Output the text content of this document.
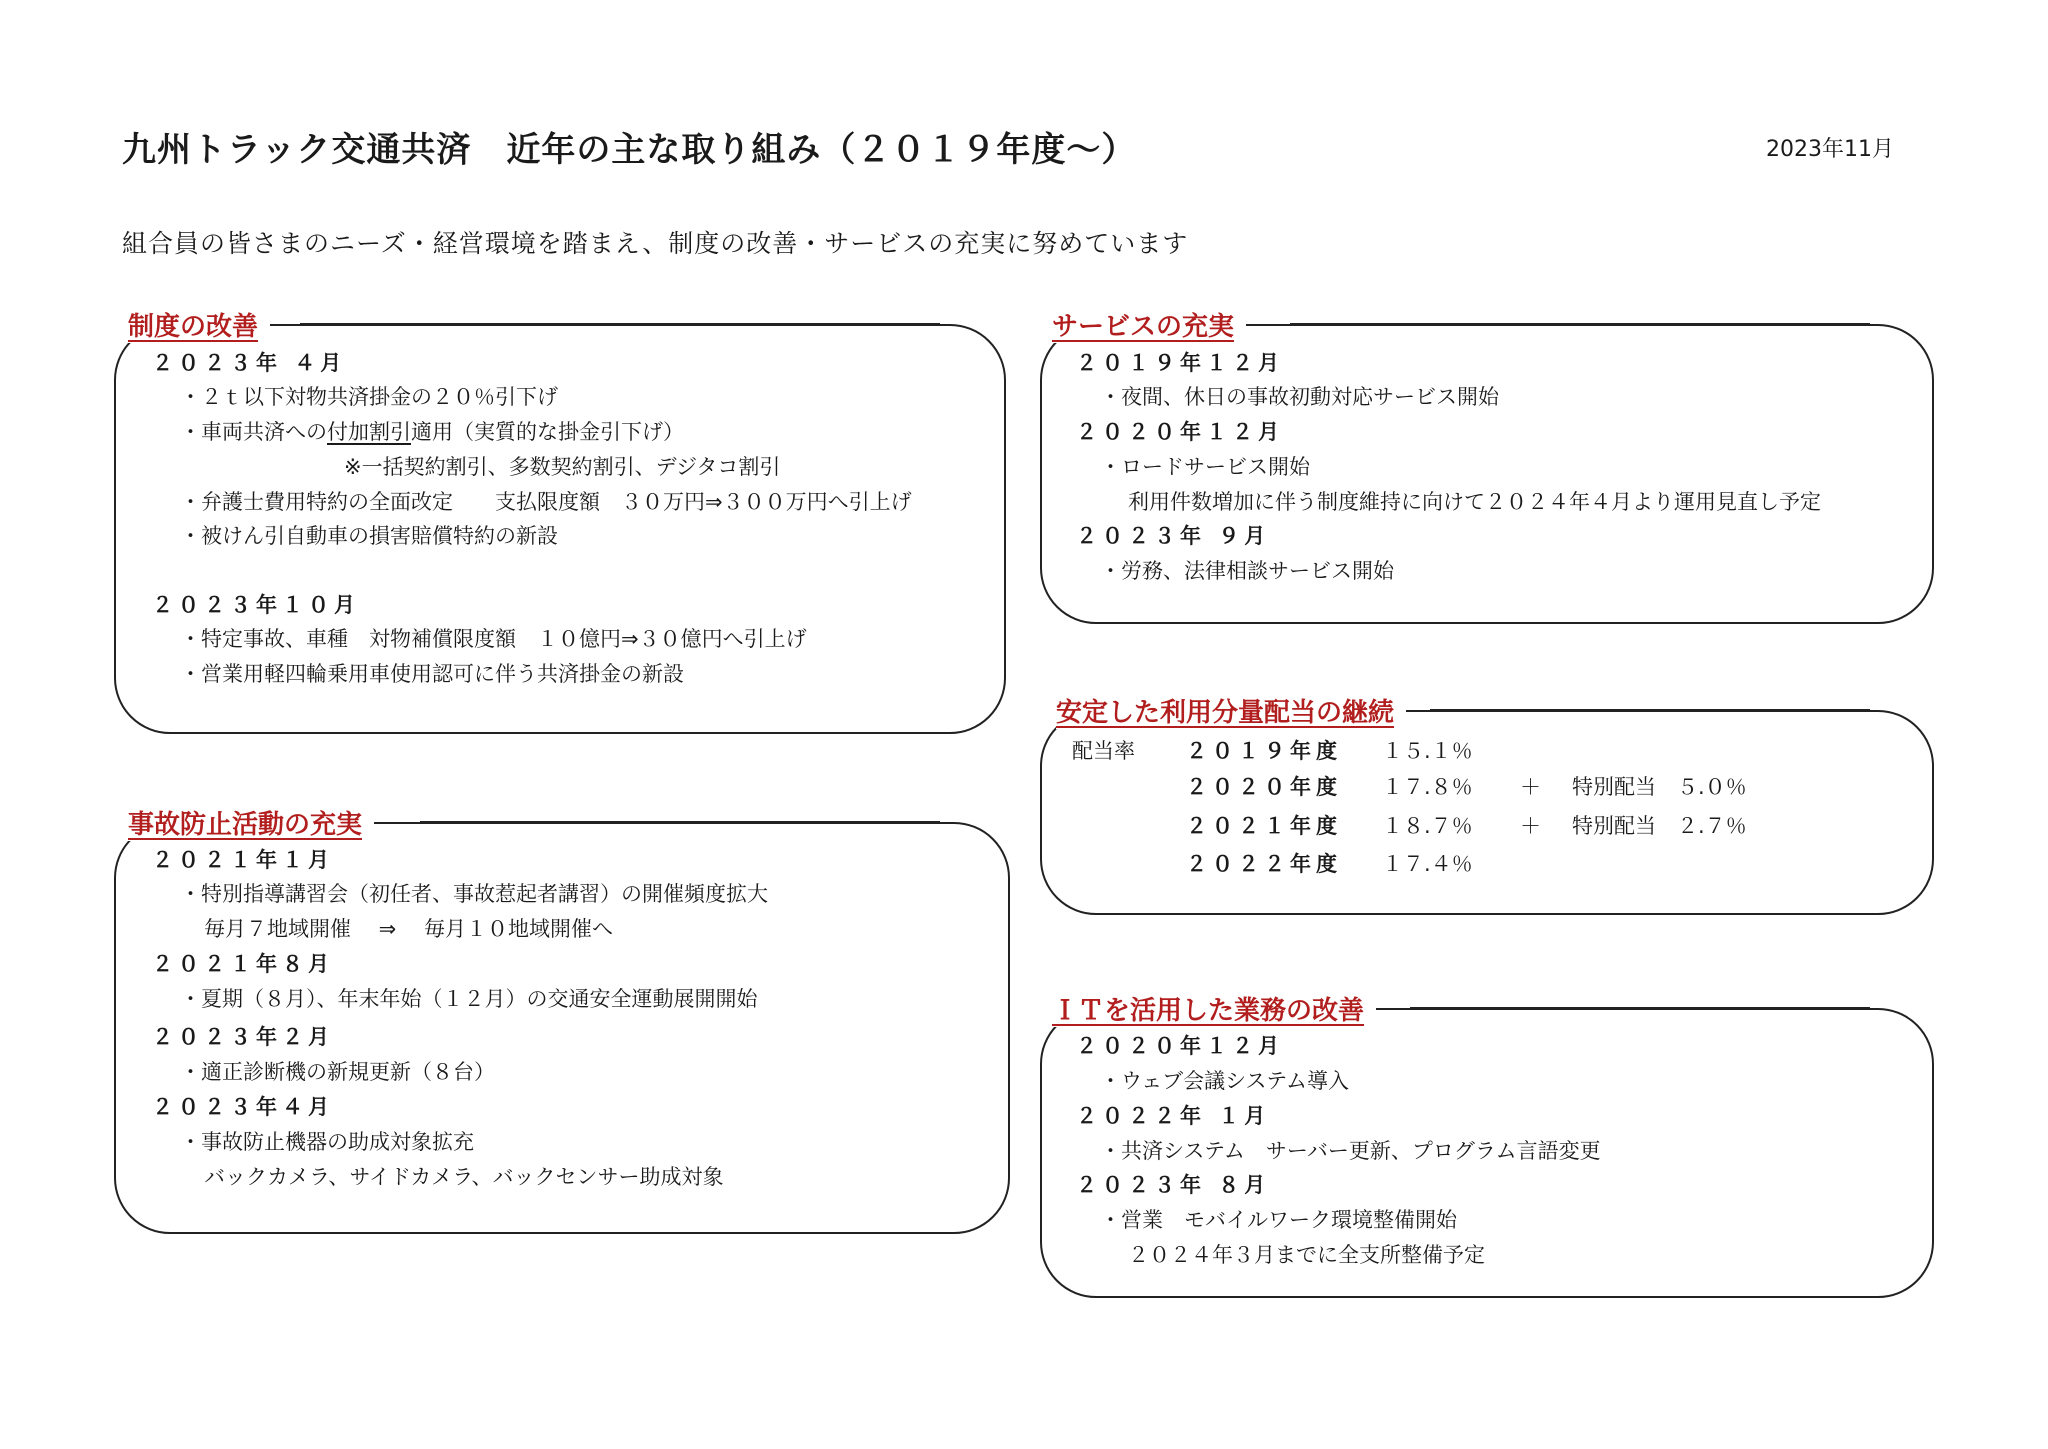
九州トラック交通共済　近年の主な取り組み（２０１９年度～）	2023年11月
組合員の皆さまのニーズ・経営環境を踏まえ、制度の改善・サービスの充実に努めています
制度の改善
２０２３年 ４月
・２ｔ以下対物共済掛金の２０％引下げ
・車両共済への付加割引適用（実質的な掛金引下げ）
※一括契約割引、多数契約割引、デジタコ割引
・弁護士費用特約の全面改定　　支払限度額　３０万円⇒３００万円へ引上げ
・被けん引自動車の損害賠償特約の新設
２０２３年１０月
・特定事故、車種　対物補償限度額　１０億円⇒３０億円へ引上げ
・営業用軽四輪乗用車使用認可に伴う共済掛金の新設
事故防止活動の充実
２０２１年１月
・特別指導講習会（初任者、事故惹起者講習）の開催頻度拡大
毎月７地域開催　 ⇒　 毎月１０地域開催へ
２０２１年８月
・夏期（８月）、年末年始（１２月）の交通安全運動展開開始
２０２３年２月
・適正診断機の新規更新（８台）
２０２３年４月
・事故防止機器の助成対象拡充
バックカメラ、サイドカメラ、バックセンサー助成対象
サービスの充実
２０１９年１２月
・夜間、休日の事故初動対応サービス開始
２０２０年１２月
・ロードサービス開始
利用件数増加に伴う制度維持に向けて２０２４年４月より運用見直し予定
２０２３年 ９月
・労務、法律相談サービス開始
安定した利用分量配当の継続
配当率 ２０１９年度 １５.１％
２０２０年度 １７.８％ ＋ 特別配当　５.０％
２０２１年度 １８.７％ ＋ 特別配当　２.７％
２０２２年度 １７.４％
ＩＴを活用した業務の改善
２０２０年１２月
・ウェブ会議システム導入
２０２２年 １月
・共済システム　サーバー更新、プログラム言語変更
２０２３年 ８月
・営業　モバイルワーク環境整備開始
２０２４年３月までに全支所整備予定
